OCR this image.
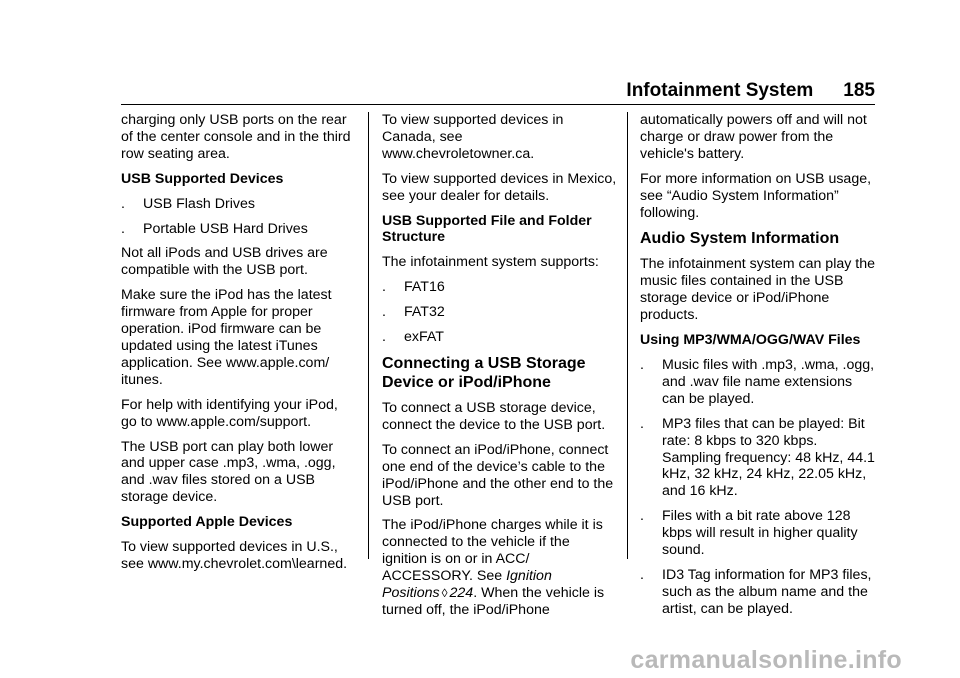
Infotainment System 185

charging only USB ports on the rear of the center console and in the third row seating area.

USB Supported Devices

.	USB Flash Drives
.	Portable USB Hard Drives

Not all iPods and USB drives are compatible with the USB port.

Make sure the iPod has the latest firmware from Apple for proper operation. iPod firmware can be updated using the latest iTunes application. See www.apple.com/ itunes.

For help with identifying your iPod, go to www.apple.com/support.

The USB port can play both lower and upper case .mp3, .wma, .ogg, and .wav files stored on a USB storage device.

Supported Apple Devices

To view supported devices in U.S., see www.my.chevrolet.com\learned.

To view supported devices in Canada, see www.chevroletowner.ca.

To view supported devices in Mexico, see your dealer for details.

USB Supported File and Folder Structure

The infotainment system supports:

.	FAT16
.	FAT32
.	exFAT
Connecting a USB Storage Device or iPod/iPhone

To connect a USB storage device, connect the device to the USB port.

To connect an iPod/iPhone, connect one end of the device’s cable to the iPod/iPhone and the other end to the USB port.

The iPod/iPhone charges while it is connected to the vehicle if the ignition is on or in ACC/ ACCESSORY. See Ignition Positions ◊ 224. When the vehicle is turned off, the iPod/iPhone

automatically powers off and will not charge or draw power from the vehicle's battery.

For more information on USB usage, see “Audio System Information” following.

Audio System Information

The infotainment system can play the music files contained in the USB storage device or iPod/iPhone products.

Using MP3/WMA/OGG/WAV Files

.	Music files with .mp3, .wma, .ogg, and .wav file name extensions can be played.
.	MP3 files that can be played: Bit rate: 8 kbps to 320 kbps. Sampling frequency: 48 kHz, 44.1 kHz, 32 kHz, 24 kHz, 22.05 kHz, and 16 kHz.
.	Files with a bit rate above 128 kbps will result in higher quality sound.
.	ID3 Tag information for MP3 files, such as the album name and the artist, can be played.
carmanualsonline.info
